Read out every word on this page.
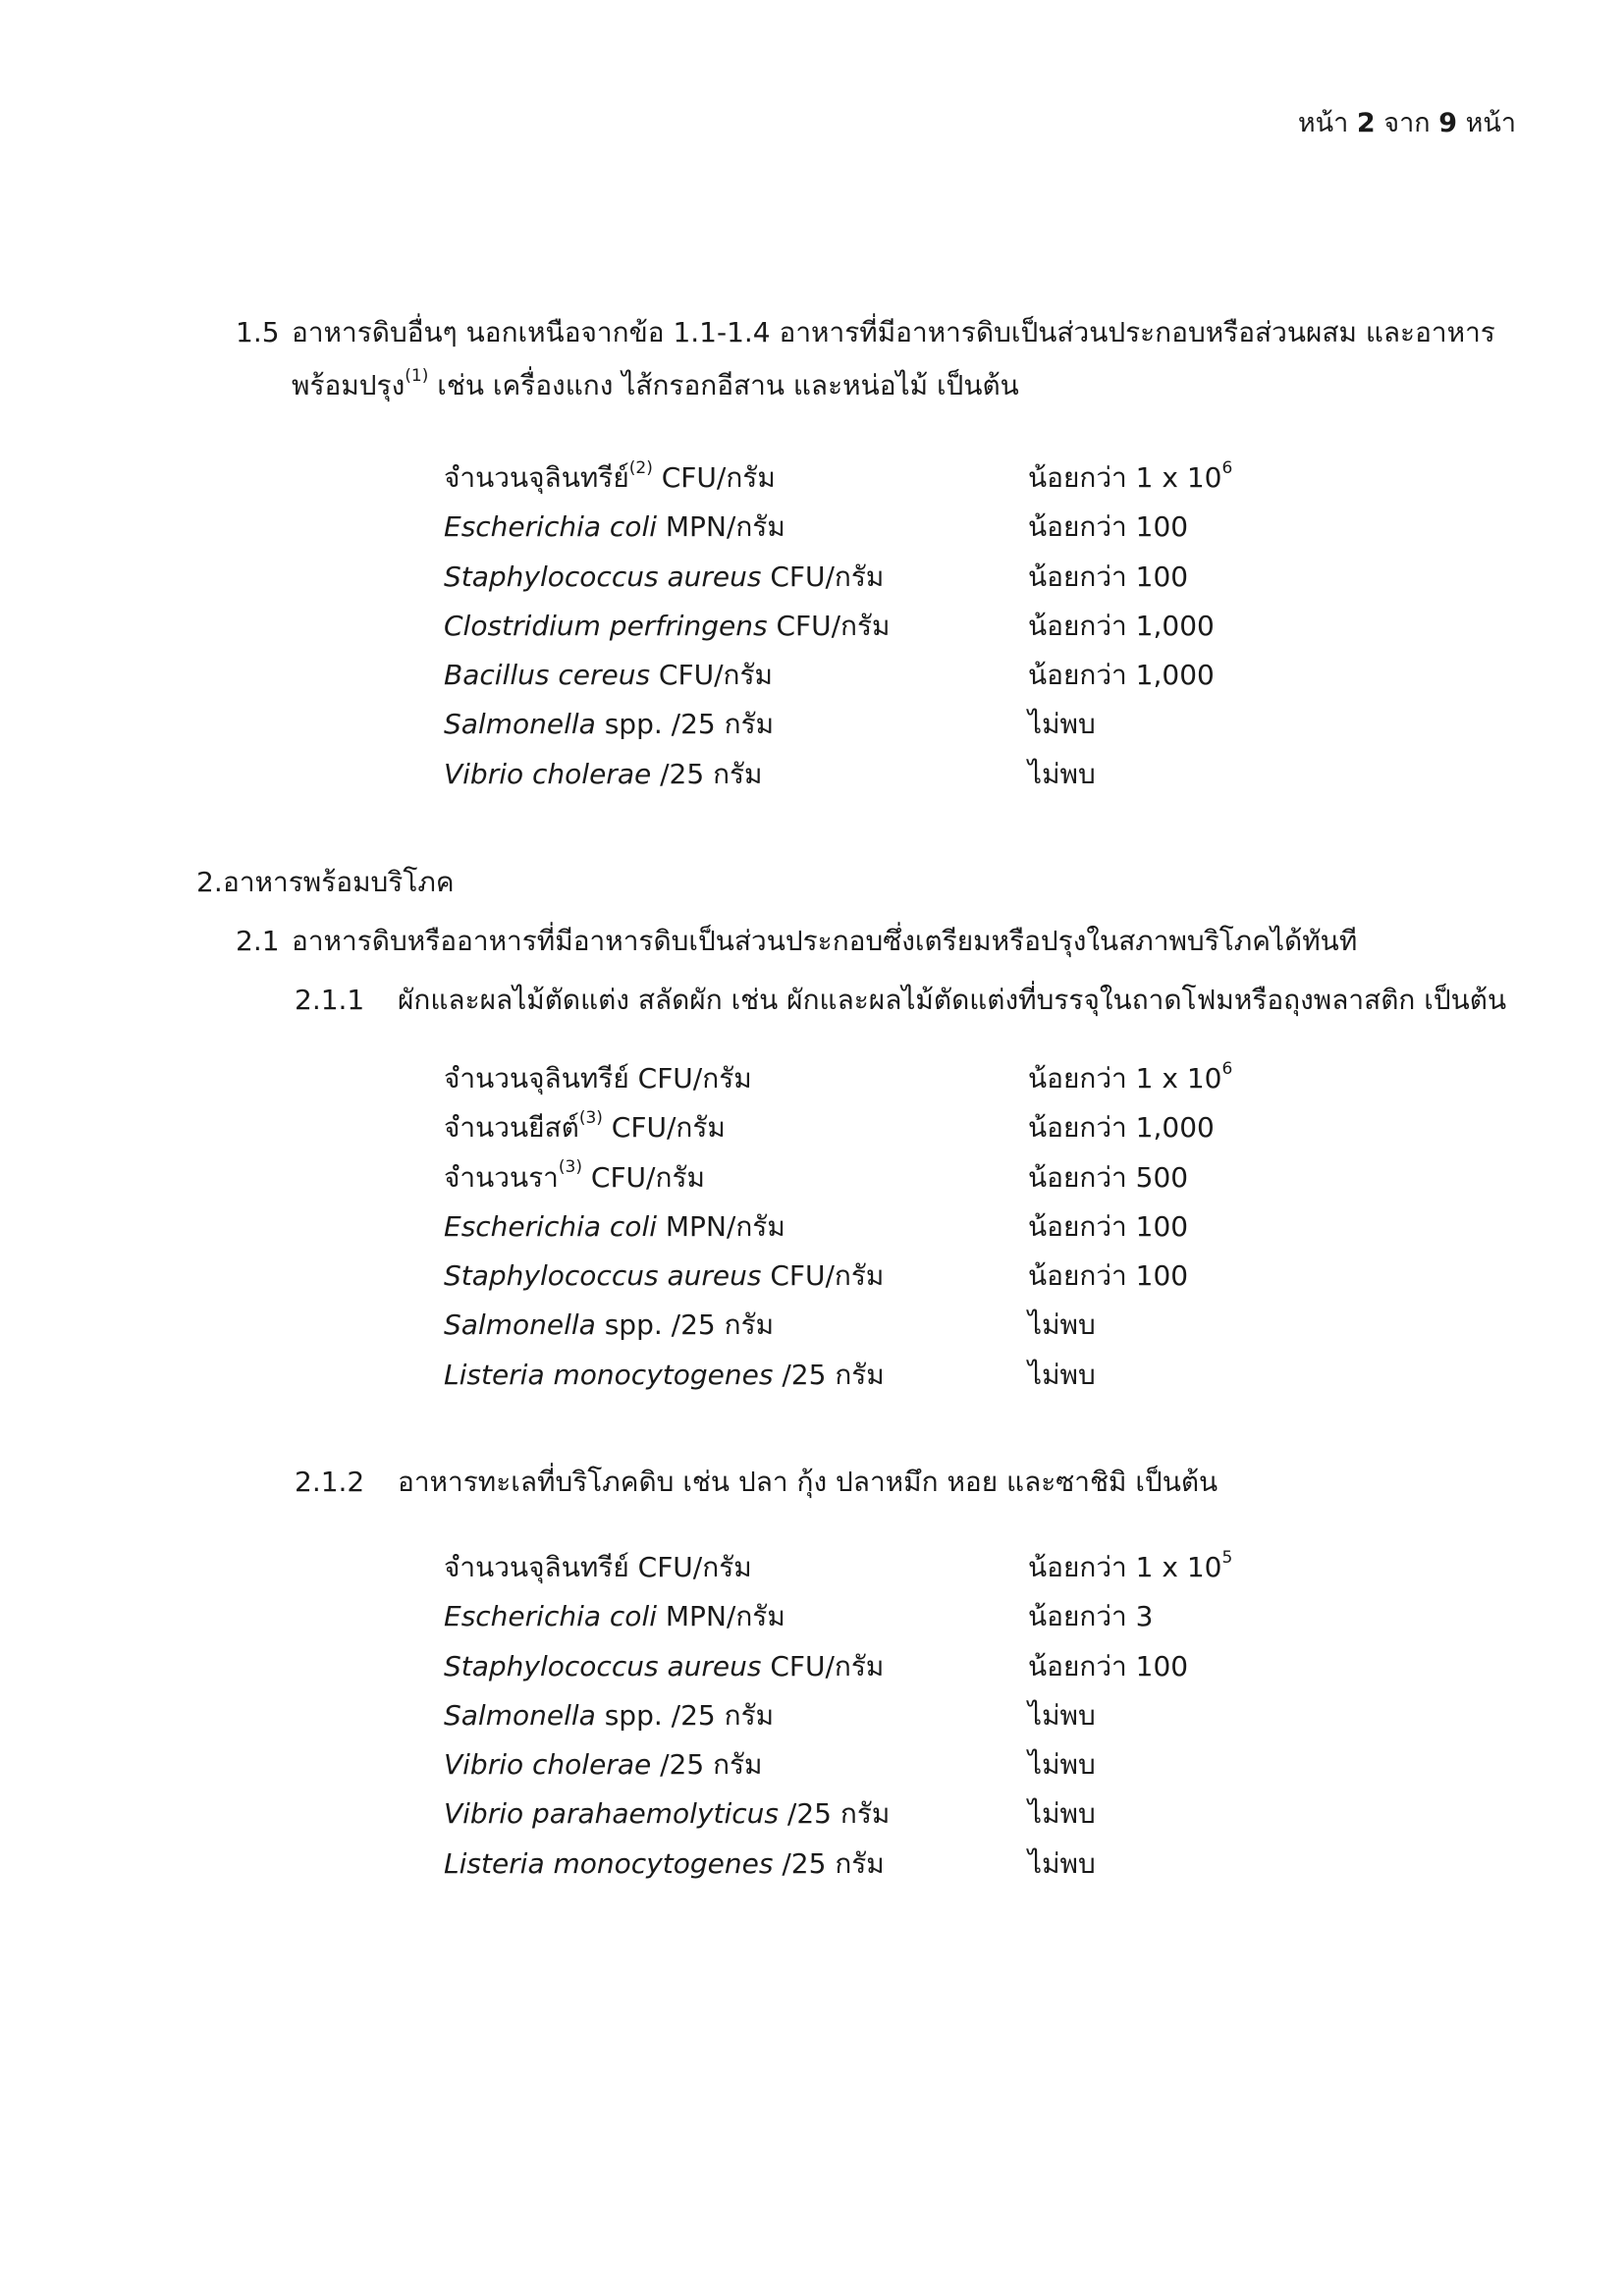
หน้า 2 จาก 9 หน้า
1.5 อาหารดิบอื่นๆ นอกเหนือจากข้อ 1.1-1.4 อาหารที่มีอาหารดิบเป็นส่วนประกอบหรือส่วนผสม และอาหาร
พร้อมปรุง$^{(1)}$ เช่น เครื่องแกง ไส้กรอกอีสาน และหน่อไม้ เป็นต้น
จำนวนจุลินทรีย์$^{(2)}$ CFU/กรัม	น้อยกว่า 1 x $10^6$
Escherichia coli MPN/กรัม	น้อยกว่า 100
Staphylococcus aureus CFU/กรัม	น้อยกว่า 100
Clostridium perfringens CFU/กรัม	น้อยกว่า 1,000
Bacillus cereus CFU/กรัม	น้อยกว่า 1,000
Salmonella spp. /25 กรัม	ไม่พบ
Vibrio cholerae /25 กรัม	ไม่พบ
2.อาหารพร้อมบริโภค
2.1 อาหารดิบหรืออาหารที่มีอาหารดิบเป็นส่วนประกอบซึ่งเตรียมหรือปรุงในสภาพบริโภคได้ทันที
2.1.1 ผักและผลไม้ตัดแต่ง สลัดผัก เช่น ผักและผลไม้ตัดแต่งที่บรรจุในถาดโฟมหรือถุงพลาสติก เป็นต้น
จำนวนจุลินทรีย์ CFU/กรัม	น้อยกว่า 1 x $10^6$
จำนวนยีสต์$^{(3)}$ CFU/กรัม	น้อยกว่า 1,000
จำนวนรา$^{(3)}$ CFU/กรัม	น้อยกว่า 500
Escherichia coli MPN/กรัม	น้อยกว่า 100
Staphylococcus aureus CFU/กรัม	น้อยกว่า 100
Salmonella spp. /25 กรัม	ไม่พบ
Listeria monocytogenes /25 กรัม	ไม่พบ
2.1.2 อาหารทะเลที่บริโภคดิบ เช่น ปลา กุ้ง ปลาหมึก หอย และซาชิมิ เป็นต้น
จำนวนจุลินทรีย์ CFU/กรัม	น้อยกว่า 1 x $10^5$
Escherichia coli MPN/กรัม	น้อยกว่า 3
Staphylococcus aureus CFU/กรัม	น้อยกว่า 100
Salmonella spp. /25 กรัม	ไม่พบ
Vibrio cholerae /25 กรัม	ไม่พบ
Vibrio parahaemolyticus /25 กรัม	ไม่พบ
Listeria monocytogenes /25 กรัม	ไม่พบ
